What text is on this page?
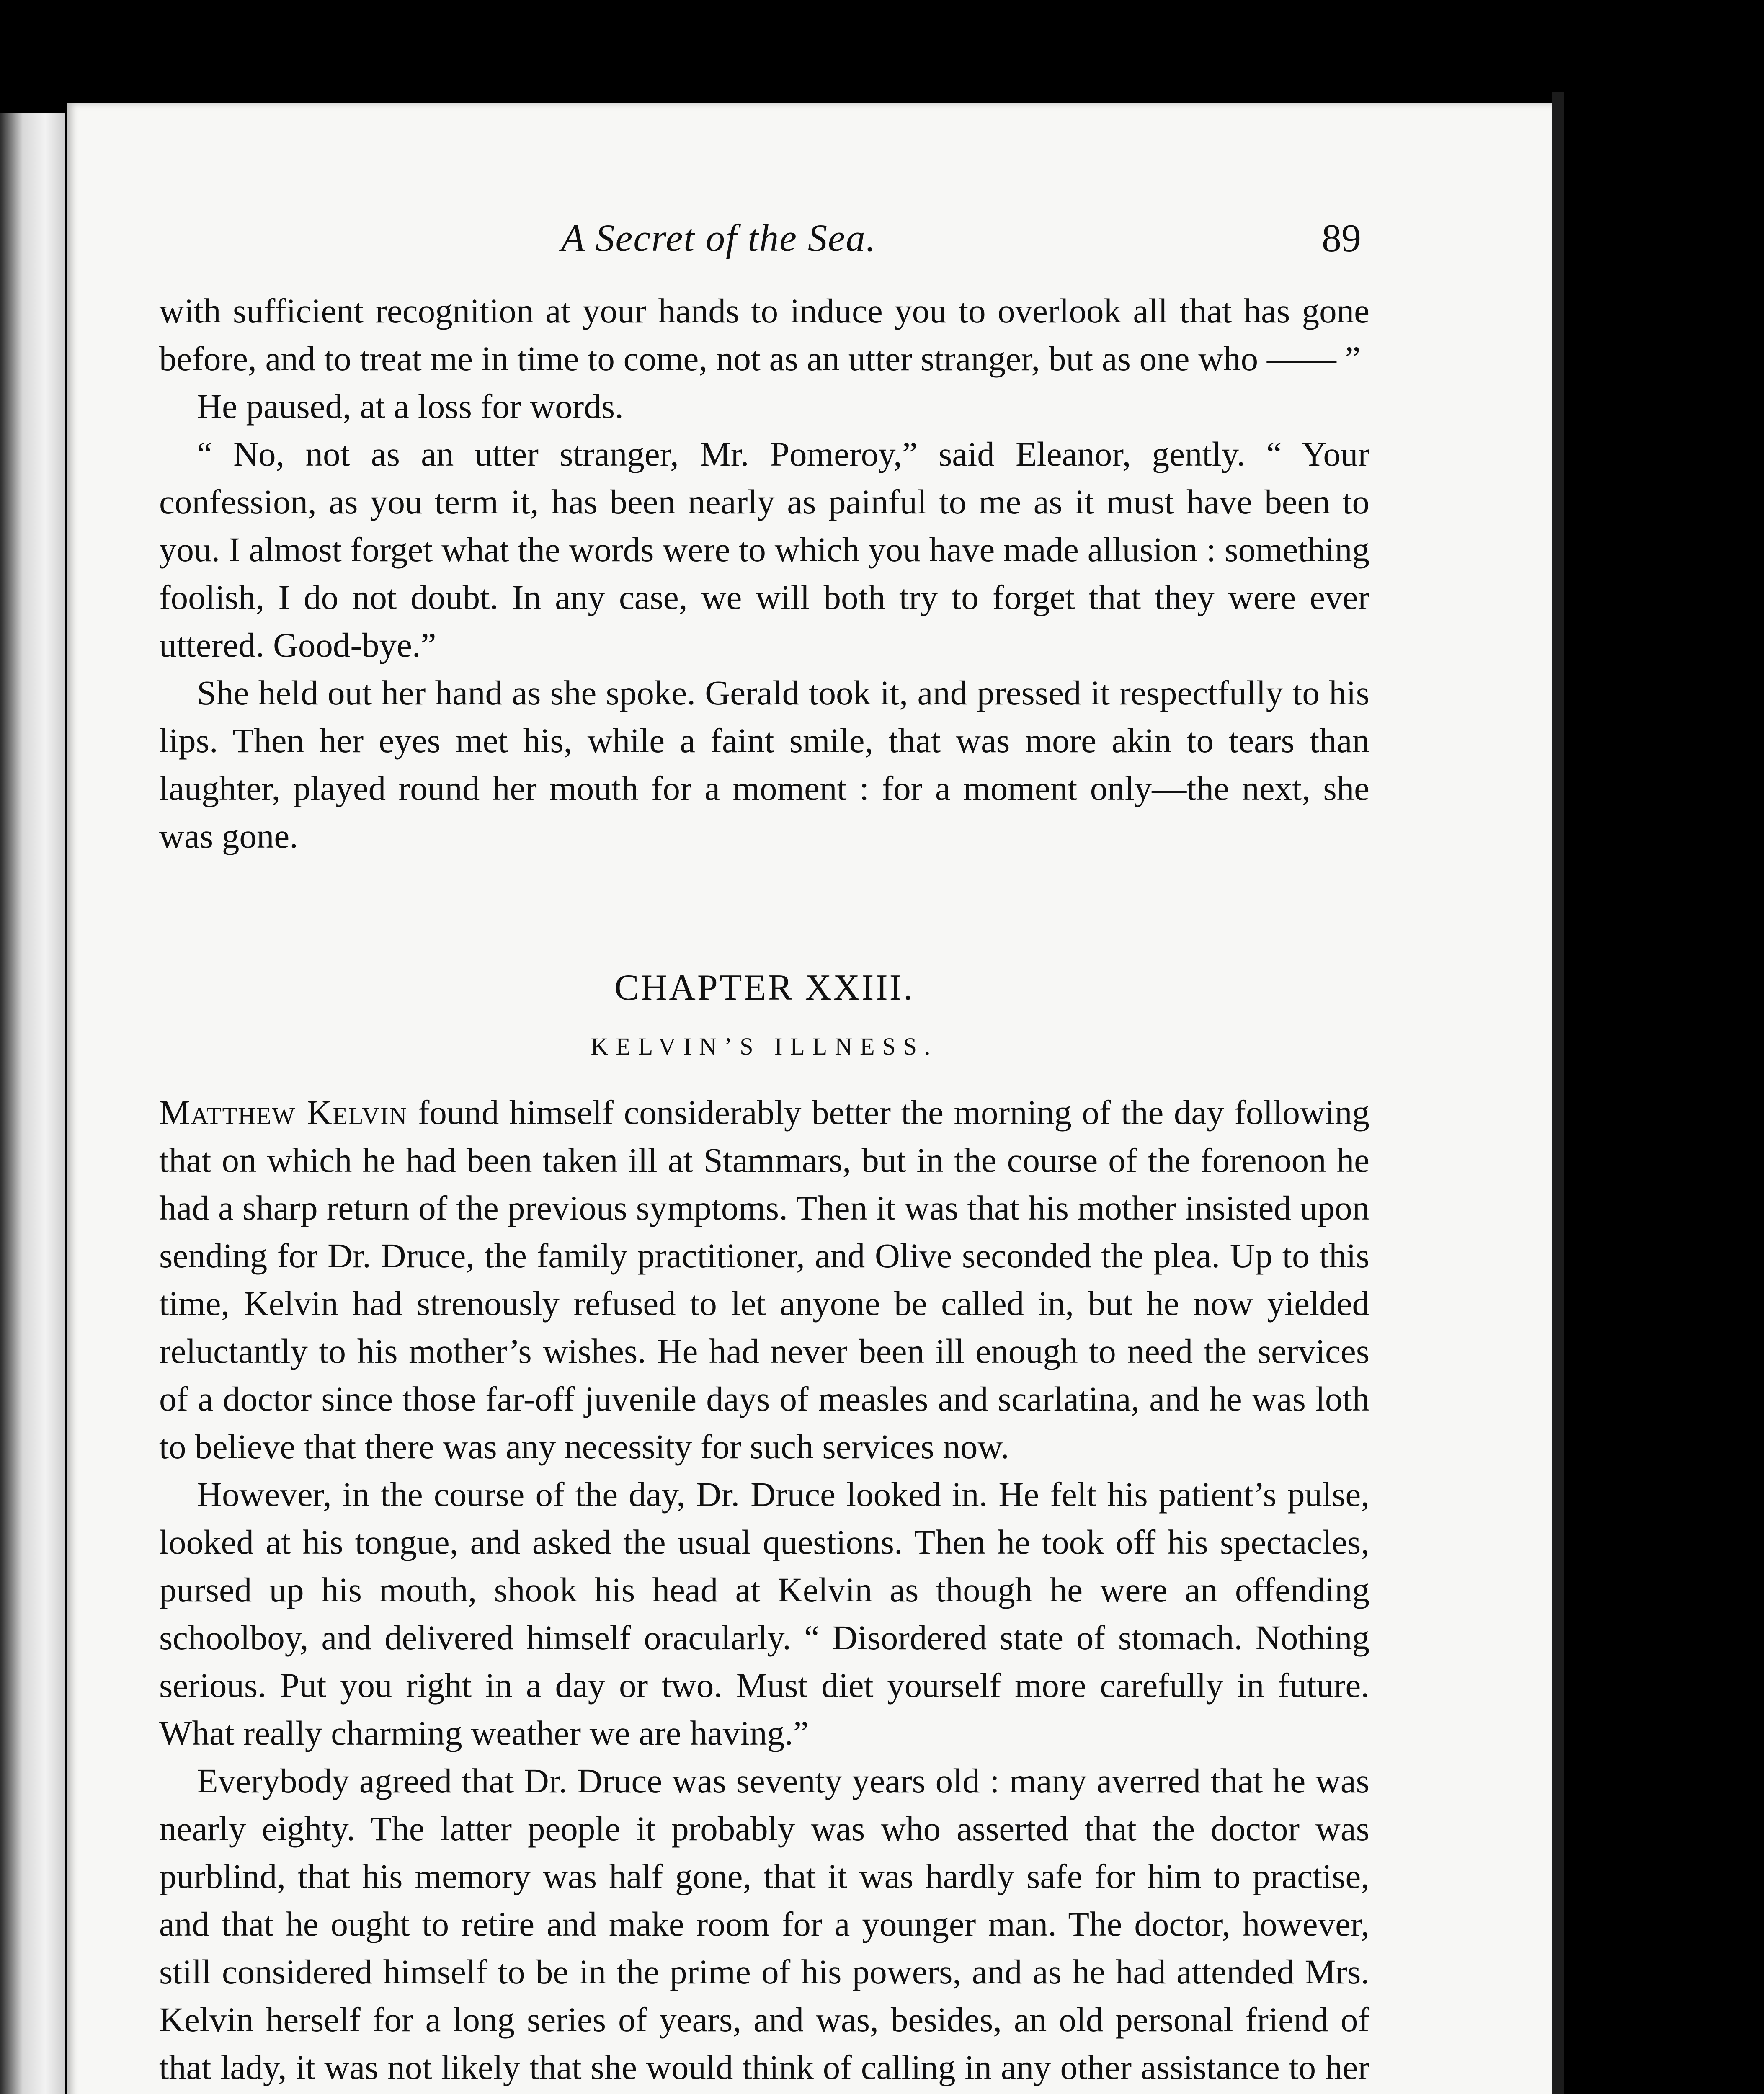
A Secret of the Sea.	89

with sufficient recognition at your hands to induce you to overlook all that has gone before, and to treat me in time to come, not as an utter stranger, but as one who —— ”

He paused, at a loss for words.

“ No, not as an utter stranger, Mr. Pomeroy,” said Eleanor, gently. “ Your confession, as you term it, has been nearly as painful to me as it must have been to you. I almost forget what the words were to which you have made allusion : something foolish, I do not doubt. In any case, we will both try to forget that they were ever uttered. Good-bye.”

She held out her hand as she spoke. Gerald took it, and pressed it respectfully to his lips. Then her eyes met his, while a faint smile, that was more akin to tears than laughter, played round her mouth for a moment : for a moment only––the next, she was gone.

CHAPTER XXIII.

KELVIN’S ILLNESS.

Matthew Kelvin found himself considerably better the morning of the day following that on which he had been taken ill at Stammars, but in the course of the forenoon he had a sharp return of the previous symptoms. Then it was that his mother insisted upon sending for Dr. Druce, the family practitioner, and Olive seconded the plea. Up to this time, Kelvin had strenously refused to let anyone be called in, but he now yielded reluctantly to his mother’s wishes. He had never been ill enough to need the services of a doctor since those far-off juvenile days of measles and scarlatina, and he was loth to believe that there was any necessity for such services now.

However, in the course of the day, Dr. Druce looked in. He felt his patient’s pulse, looked at his tongue, and asked the usual questions. Then he took off his spectacles, pursed up his mouth, shook his head at Kelvin as though he were an offending schoolboy, and delivered himself oracularly. “ Disordered state of stomach. Nothing serious. Put you right in a day or two. Must diet yourself more carefully in future. What really charming weather we are having.”

Everybody agreed that Dr. Druce was seventy years old : many averred that he was nearly eighty. The latter people it probably was who asserted that the doctor was purblind, that his memory was half gone, that it was hardly safe for him to practise, and that he ought to retire and make room for a younger man. The doctor, however, still considered himself to be in the prime of his powers, and as he had attended Mrs. Kelvin herself for a long series of years, and was, besides, an old personal friend of that lady, it was not likely that she would think of calling in any other assistance to her
